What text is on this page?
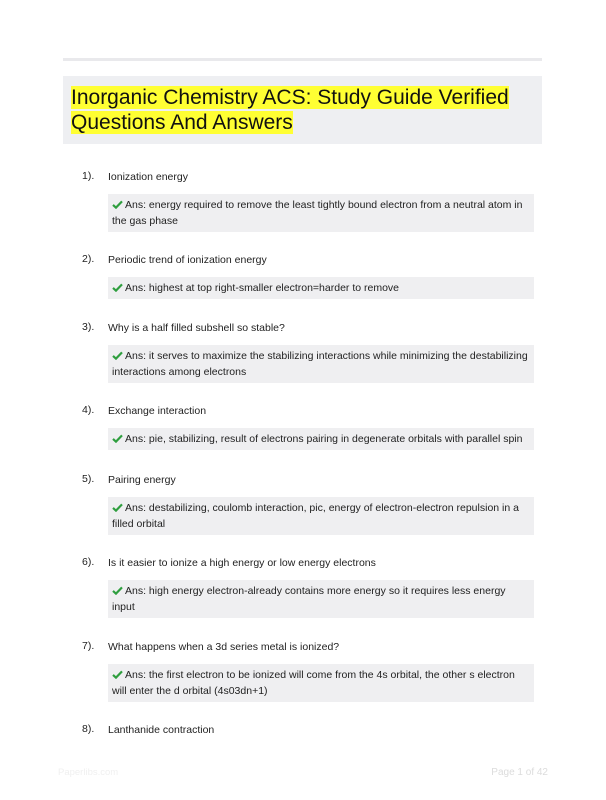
Inorganic Chemistry ACS: Study Guide Verified Questions And Answers
1). Ionization energy
Ans: energy required to remove the least tightly bound electron from a neutral atom in the gas phase
2). Periodic trend of ionization energy
Ans: highest at top right-smaller electron=harder to remove
3). Why is a half filled subshell so stable?
Ans: it serves to maximize the stabilizing interactions while minimizing the destabilizing interactions among electrons
4). Exchange interaction
Ans: pie, stabilizing, result of electrons pairing in degenerate orbitals with parallel spin
5). Pairing energy
Ans: destabilizing, coulomb interaction, pic, energy of electron-electron repulsion in a filled orbital
6). Is it easier to ionize a high energy or low energy electrons
Ans: high energy electron-already contains more energy so it requires less energy input
7). What happens when a 3d series metal is ionized?
Ans: the first electron to be ionized will come from the 4s orbital, the other s electron will enter the d orbital (4s03dn+1)
8). Lanthanide contraction
Paperlibs.com	Page 1 of 42
